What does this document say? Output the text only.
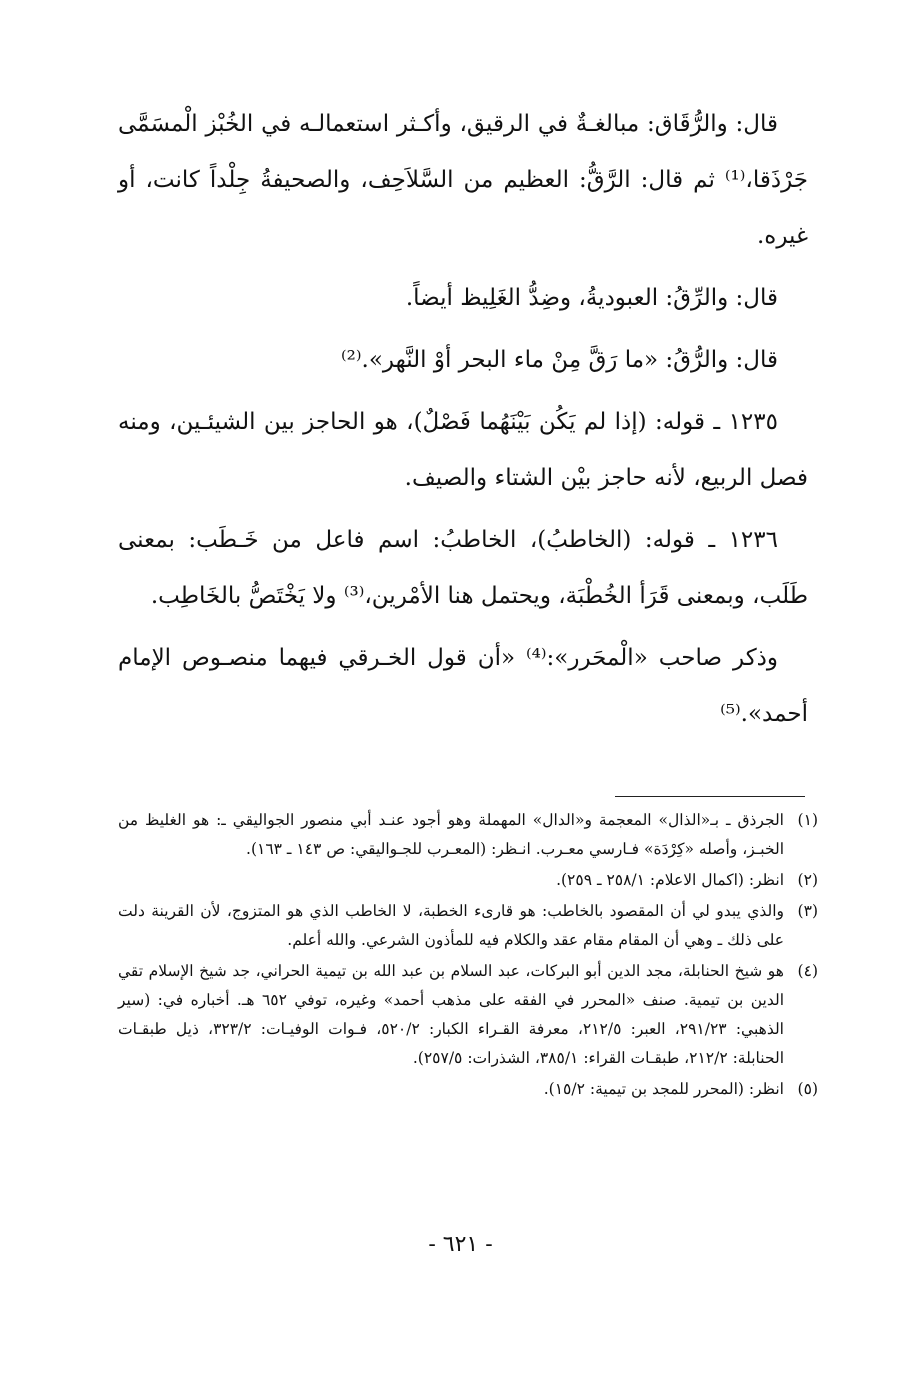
قال: والرُّقَاق: مبالغـةٌ في الرقيق، وأكـثر استعمالـه في الخُبْز الْمسَمَّى جَرْذَقا،⁽¹⁾ ثم قال: الرَّقُّ: العظيم من السَّلاَحِف، والصحيفةُ جِلْداً كانت، أو غيره.

قال: والرِّقُ: العبوديةُ، وضِدُّ الغَلِيظ أيضاً.

قال: والرُّقُ: «ما رَقَّ مِنْ ماء البحر أوْ النَّهر».⁽²⁾

١٢٣٥ ـ قوله: (إذا لم يَكُن بَيْنَهُما فَصْلٌ)، هو الحاجز بين الشيئـين، ومنه فصل الربيع، لأنه حاجز بيْن الشتاء والصيف.

١٢٣٦ ـ قوله: (الخاطبُ)، الخاطبُ: اسم فاعل من خَـطَب: بمعنى طَلَب، وبمعنى قَرَأ الخُطْبَة، ويحتمل هنا الأمْرين،⁽³⁾ ولا يَخْتَصُّ بالخَاطِب.

وذكر صاحب «الْمحَرر»:⁽⁴⁾ «أن قول الخـرقي فيهما منصـوص الإمام أحمد».⁽⁵⁾

(١)
الجرذق ـ بـ«الذال» المعجمة و«الدال» المهملة وهو أجود عنـد أبي منصور الجواليقي ـ: هو الغليظ من الخبـز، وأصله «كِرْدَة» فـارسي معـرب. انـظر: (المعـرب للجـواليقي: ص ١٤٣ ـ ١٦٣).
(٢)
انظر: (اكمال الاعلام: ٢٥٨/١ ـ ٢٥٩).
(٣)
والذي يبدو لي أن المقصود بالخاطب: هو قارىء الخطبة، لا الخاطب الذي هو المتزوج، لأن القرينة دلت على ذلك ـ وهي أن المقام مقام عقد والكلام فيه للمأذون الشرعي. والله أعلم.
(٤)
هو شيخ الحنابلة، مجد الدين أبو البركات، عبد السلام بن عبد الله بن تيمية الحراني، جد شيخ الإسلام تقي الدين بن تيمية. صنف «المحرر في الفقه على مذهب أحمد» وغيره، توفي ٦٥٢ هـ. أخباره في: (سير الذهبي: ٢٩١/٢٣، العبر: ٢١٢/٥، معرفة القـراء الكبار: ٥٢٠/٢، فـوات الوفيـات: ٣٢٣/٢، ذيل طبقـات الحنابلة: ٢١٢/٢، طبقـات القراء: ٣٨٥/١، الشذرات: ٢٥٧/٥).
(٥)
انظر: (المحرر للمجد بن تيمية: ١٥/٢).
- ٦٢١ -
